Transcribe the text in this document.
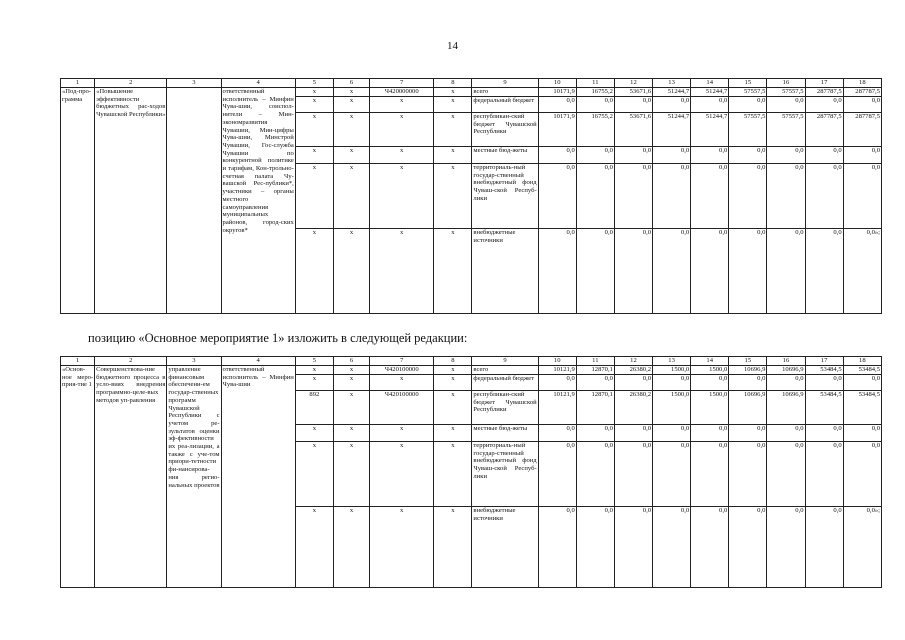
14
1	2	3	4	5	6	7	8	9	10	11	12	13	14	15	16	17	18
«Под-про-грамма	«Повышение эффективности бюджетных рас-ходов Чувашской Республики»		ответственный исполнитель – Минфин Чува-шии, соиспол-нители – Мин-экономразвития Чувашии, Мин-цифры Чува-шии, Минстрой Чувашии, Гос-служба Чувашии по конкурентной политике и тарифам, Кон-трольно-счетная палата Чу-вашской Рес-публики*, участники – органы местного самоуправления муниципальных районов, город-ских округов*	x	x	Ч420000000	x	всего	10171,9	16755,2	53671,6	51244,7	51244,7	57557,5	57557,5	287787,5	287787,5
				x	x	x	x	федеральный бюджет	0,0	0,0	0,0	0,0	0,0	0,0	0,0	0,0	0,0
				x	x	x	x	республикан-ский бюджет Чувашской Республики	10171,9	16755,2	53671,6	51244,7	51244,7	57557,5	57557,5	287787,5	287787,5
				x	x	x	x	местные бюд-жеты	0,0	0,0	0,0	0,0	0,0	0,0	0,0	0,0	0,0
				x	x	x	x	территориаль-ный государ-ственный внебюджетный фонд Чуваш-ской Респуб-лики	0,0	0,0	0,0	0,0	0,0	0,0	0,0	0,0	0,0
				x	x	x	x	внебюджетные источники	0,0	0,0	0,0	0,0	0,0	0,0	0,0	0,0	0,0»;
позицию «Основное мероприятие 1» изложить в следующей редакции:
1	2	3	4	5	6	7	8	9	10	11	12	13	14	15	16	17	18
«Основ-ное меро-прия-тие 1	Совершенствова-ние бюджетного процесса в усло-виях внедрения программно-целе-вых методов уп-равления	управление финансовым обеспечени-ем государ-ственных программ Чувашской Республики с учетом ре-зультатов оценки эф-фективности их реа-лизации, а также с уче-том приори-тетности фи-нансирова-ния регио-нальных проектов	ответственный исполнитель – Минфин Чува-шии	x	x	Ч420100000	x	всего	10121,9	12870,1	26380,2	1500,0	1500,0	10696,9	10696,9	53484,5	53484,5
				x	x	x	x	федеральный бюджет	0,0	0,0	0,0	0,0	0,0	0,0	0,0	0,0	0,0
				892	x	Ч420100000	x	республикан-ский бюджет Чувашской Республики	10121,9	12870,1	26380,2	1500,0	1500,0	10696,9	10696,9	53484,5	53484,5
				x	x	x	x	местные бюд-жеты	0,0	0,0	0,0	0,0	0,0	0,0	0,0	0,0	0,0
				x	x	x	x	территориаль-ный государ-ственный внебюджетный фонд Чуваш-ской Респуб-лики	0,0	0,0	0,0	0,0	0,0	0,0	0,0	0,0	0,0
				x	x	x	x	внебюджетные источники	0,0	0,0	0,0	0,0	0,0	0,0	0,0	0,0	0,0»;
